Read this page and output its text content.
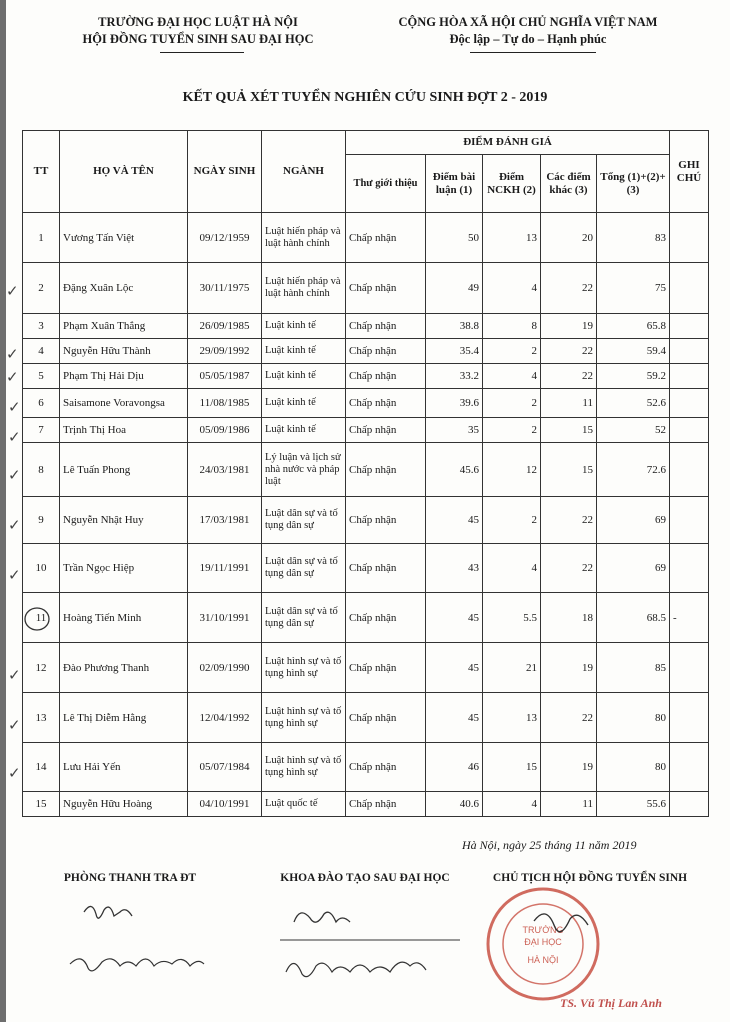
TRƯỜNG ĐẠI HỌC LUẬT HÀ NỘI
HỘI ĐỒNG TUYỂN SINH SAU ĐẠI HỌC
CỘNG HÒA XÃ HỘI CHỦ NGHĨA VIỆT NAM
Độc lập – Tự do – Hạnh phúc
KẾT QUẢ XÉT TUYỂN NGHIÊN CỨU SINH ĐỢT 2 - 2019
TT	HỌ VÀ TÊN	NGÀY SINH	NGÀNH	ĐIỂM ĐÁNH GIÁ					GHI CHÚ
				Thư giới thiệu	Điểm bài luận (1)	Điểm NCKH (2)	Các điểm khác (3)	Tổng (1)+(2)+(3)	
1	Vương Tấn Việt	09/12/1959	Luật hiến pháp và luật hành chính	Chấp nhận	50	13	20	83	
2	Đặng Xuân Lộc	30/11/1975	Luật hiến pháp và luật hành chính	Chấp nhận	49	4	22	75	
3	Phạm Xuân Thắng	26/09/1985	Luật kinh tế	Chấp nhận	38.8	8	19	65.8	
4	Nguyễn Hữu Thành	29/09/1992	Luật kinh tế	Chấp nhận	35.4	2	22	59.4	
5	Phạm Thị Hải Dịu	05/05/1987	Luật kinh tế	Chấp nhận	33.2	4	22	59.2	
6	Saisamone Voravongsa	11/08/1985	Luật kinh tế	Chấp nhận	39.6	2	11	52.6	
7	Trịnh Thị Hoa	05/09/1986	Luật kinh tế	Chấp nhận	35	2	15	52	
8	Lê Tuấn Phong	24/03/1981	Lý luận và lịch sử nhà nước và pháp luật	Chấp nhận	45.6	12	15	72.6	
9	Nguyễn Nhật Huy	17/03/1981	Luật dân sự và tố tụng dân sự	Chấp nhận	45	2	22	69	
10	Trần Ngọc Hiệp	19/11/1991	Luật dân sự và tố tụng dân sự	Chấp nhận	43	4	22	69	
11	Hoàng Tiến Minh	31/10/1991	Luật dân sự và tố tụng dân sự	Chấp nhận	45	5.5	18	68.5	-
12	Đào Phương Thanh	02/09/1990	Luật hình sự và tố tụng hình sự	Chấp nhận	45	21	19	85	
13	Lê Thị Diễm Hằng	12/04/1992	Luật hình sự và tố tụng hình sự	Chấp nhận	45	13	22	80	
14	Lưu Hải Yến	05/07/1984	Luật hình sự và tố tụng hình sự	Chấp nhận	46	15	19	80	
15	Nguyễn Hữu Hoàng	04/10/1991	Luật quốc tế	Chấp nhận	40.6	4	11	55.6	
✓
✓
✓
✓
✓
✓
✓
✓
✓
✓
✓
Hà Nội, ngày 25 tháng 11 năm 2019
PHÒNG THANH TRA ĐT	KHOA ĐÀO TẠO SAU ĐẠI HỌC	CHỦ TỊCH HỘI ĐỒNG TUYỂN SINH
TRƯỜNG
ĐẠI HỌC
HÀ NỘI
TS. Vũ Thị Lan Anh
